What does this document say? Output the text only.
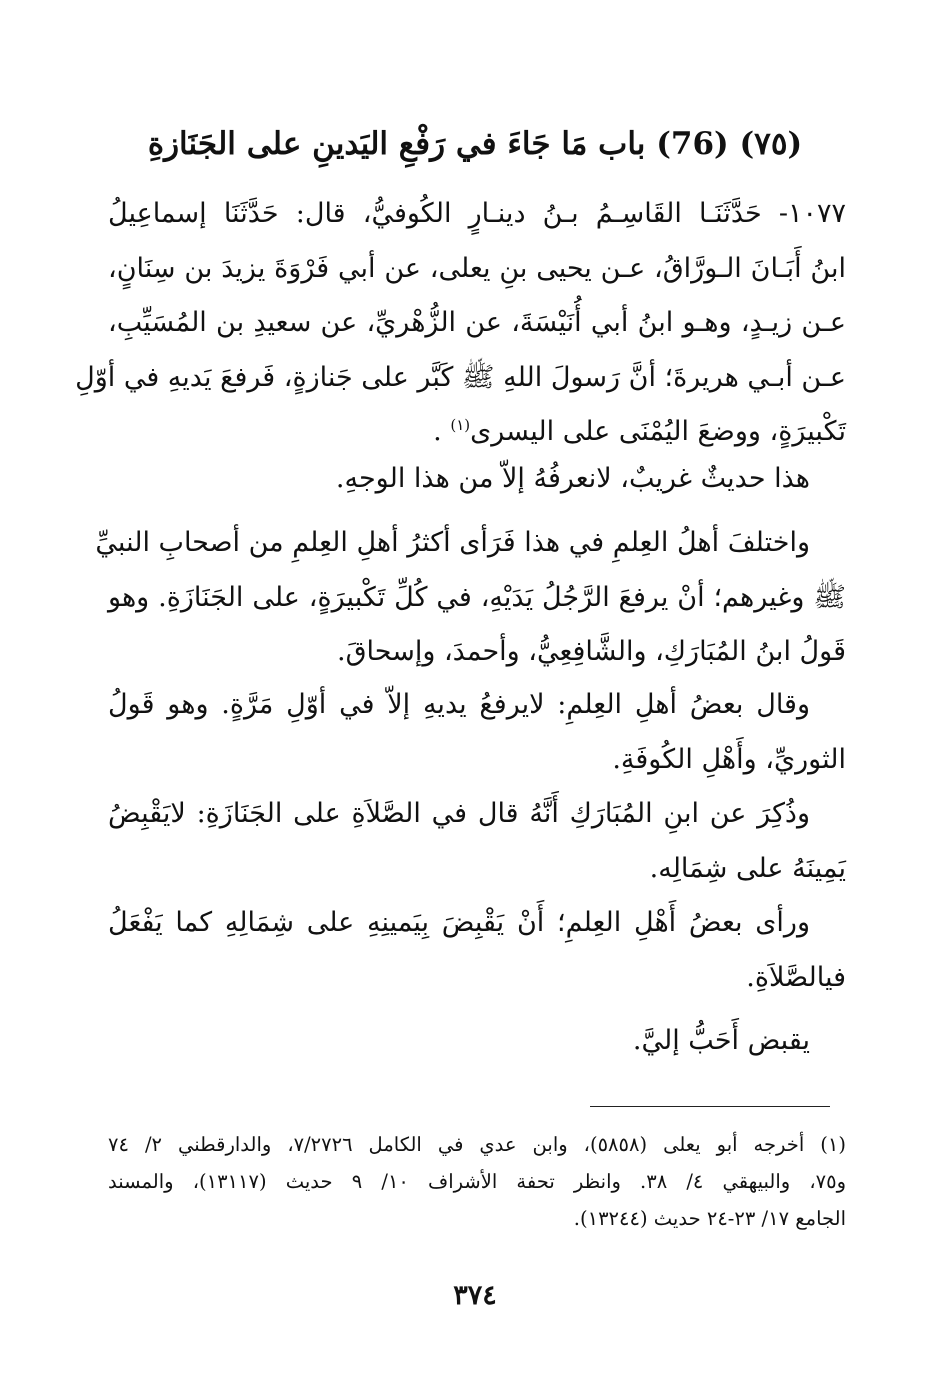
(٧٥) (76) باب مَا جَاءَ في رَفْعِ اليَدينِ على الجَنَازةِ

١٠٧٧- حَدَّثَنَـا القَاسِـمُ بـنُ دينـارٍ الكُوفيُّ، قال: حَدَّثَنَا إسماعِيلُ
ابنُ أَبَـانَ الـورَّاقُ، عـن يحيى بنِ يعلى، عن أبي فَرْوَةَ يزيدَ بن سِنَانٍ،
عـن زيـدٍ، وهـو ابنُ أبي أُنَيْسَةَ، عن الزُّهْريِّ، عن سعيدِ بن المُسَيِّبِ،
عـن أبـي هريرةَ؛ أنَّ رَسولَ اللهِ ﷺ كَبَّر على جَنازةٍ، فَرفعَ يَديهِ في أوّلِ
تَكْبيرَةٍ، ووضعَ اليُمْنَى على اليسرى$^{(١)}$ .

هذا حديثٌ غريبٌ، لانعرفُهُ إلاّ من هذا الوجهِ.

واختلفَ أهلُ العِلمِ في هذا فَرَأى أكثرُ أهلِ العِلمِ من أصحابِ النبيِّ
ﷺ وغيرهم؛ أنْ يرفعَ الرَّجُلُ يَدَيْهِ، في كُلِّ تَكْبيرَةٍ، على الجَنَازَةِ. وهو
قَولُ ابنُ المُبَارَكِ، والشَّافِعِيُّ، وأحمدَ، وإسحاقَ.

وقال بعضُ أهلِ العِلمِ: لايرفعُ يديهِ إلاّ في أوّلِ مَرَّةٍ. وهو قَولُ
الثوريِّ، وأَهْلِ الكُوفَةِ.

وذُكِرَ عن ابنِ المُبَارَكِ أَنَّهُ قال في الصَّلاَةِ على الجَنَازَةِ: لايَقْبِضُ
يَمِينَهُ على شِمَالِه.

ورأى بعضُ أَهْلِ العِلمِ؛ أَنْ يَقْبِضَ بِيَمينِهِ على شِمَالِهِ كما يَفْعَلُ
فيالصَّلاَةِ.

يقبض أَحَبُّ إليَّ.

(١) أخرجه أبو يعلى (٥٨٥٨)، وابن عدي في الكامل ٧/٢٧٢٦، والدارقطني ٢/ ٧٤
و٧٥، والبيهقي ٤/ ٣٨. وانظر تحفة الأشراف ١٠/ ٩ حديث (١٣١١٧)، والمسند
الجامع ١٧/ ٢٣-٢٤ حديث (١٣٢٤٤).

٣٧٤
